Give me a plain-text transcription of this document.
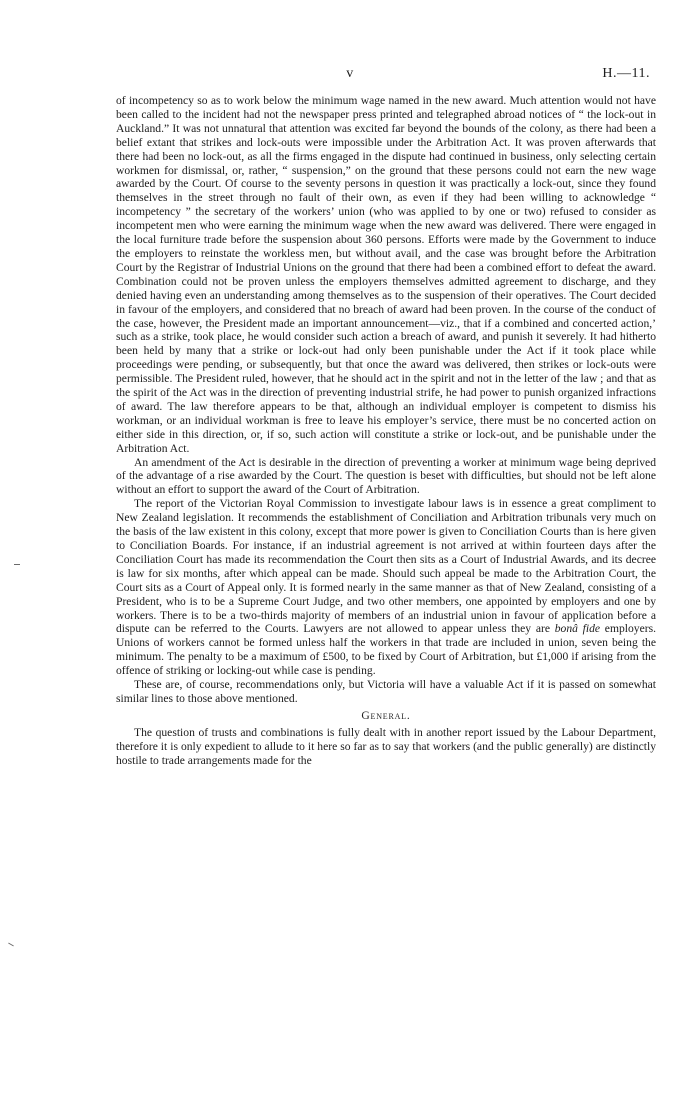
v	H.—11.

of incompetency so as to work below the minimum wage named in the new award. Much attention would not have been called to the incident had not the newspaper press printed and telegraphed abroad notices of “ the lock-out in Auckland.” It was not unnatural that attention was excited far beyond the bounds of the colony, as there had been a belief extant that strikes and lock-outs were impossible under the Arbitration Act. It was proven afterwards that there had been no lock-out, as all the firms engaged in the dispute had continued in business, only selecting certain workmen for dismissal, or, rather, “ suspension,” on the ground that these persons could not earn the new wage awarded by the Court. Of course to the seventy persons in question it was practically a lock-out, since they found themselves in the street through no fault of their own, as even if they had been willing to acknowledge “ incompetency ” the secretary of the workers’ union (who was applied to by one or two) refused to consider as incompetent men who were earning the minimum wage when the new award was delivered. There were engaged in the local furniture trade before the suspension about 360 persons. Efforts were made by the Government to induce the employers to reinstate the workless men, but without avail, and the case was brought before the Arbitration Court by the Registrar of Industrial Unions on the ground that there had been a combined effort to defeat the award. Combination could not be proven unless the employers themselves admitted agreement to discharge, and they denied having even an understanding among themselves as to the suspension of their operatives. The Court decided in favour of the employers, and considered that no breach of award had been proven. In the course of the conduct of the case, however, the President made an important announcement—viz., that if a combined and concerted action,’ such as a strike, took place, he would consider such action a breach of award, and punish it severely. It had hitherto been held by many that a strike or lock-out had only been punishable under the Act if it took place while proceedings were pending, or subsequently, but that once the award was delivered, then strikes or lock-outs were permissible. The President ruled, however, that he should act in the spirit and not in the letter of the law ; and that as the spirit of the Act was in the direction of preventing industrial strife, he had power to punish organized infractions of award. The law therefore appears to be that, although an individual employer is competent to dismiss his workman, or an individual workman is free to leave his employer’s service, there must be no concerted action on either side in this direction, or, if so, such action will constitute a strike or lock-out, and be punishable under the Arbitration Act.

An amendment of the Act is desirable in the direction of preventing a worker at minimum wage being deprived of the advantage of a rise awarded by the Court. The question is beset with difficulties, but should not be left alone without an effort to support the award of the Court of Arbitration.

The report of the Victorian Royal Commission to investigate labour laws is in essence a great compliment to New Zealand legislation. It recommends the establishment of Conciliation and Arbitration tribunals very much on the basis of the law existent in this colony, except that more power is given to Conciliation Courts than is here given to Conciliation Boards. For instance, if an industrial agreement is not arrived at within fourteen days after the Conciliation Court has made its recommendation the Court then sits as a Court of Industrial Awards, and its decree is law for six months, after which appeal can be made. Should such appeal be made to the Arbitration Court, the Court sits as a Court of Appeal only. It is formed nearly in the same manner as that of New Zealand, consisting of a President, who is to be a Supreme Court Judge, and two other members, one appointed by employers and one by workers. There is to be a two-thirds majority of members of an industrial union in favour of application before a dispute can be referred to the Courts. Lawyers are not allowed to appear unless they are bonâ fide employers. Unions of workers cannot be formed unless half the workers in that trade are included in union, seven being the minimum. The penalty to be a maximum of £500, to be fixed by Court of Arbitration, but £1,000 if arising from the offence of striking or locking-out while case is pending.

These are, of course, recommendations only, but Victoria will have a valuable Act if it is passed on somewhat similar lines to those above mentioned.

General.

The question of trusts and combinations is fully dealt with in another report issued by the Labour Department, therefore it is only expedient to allude to it here so far as to say that workers (and the public generally) are distinctly hostile to trade arrangements made for the
